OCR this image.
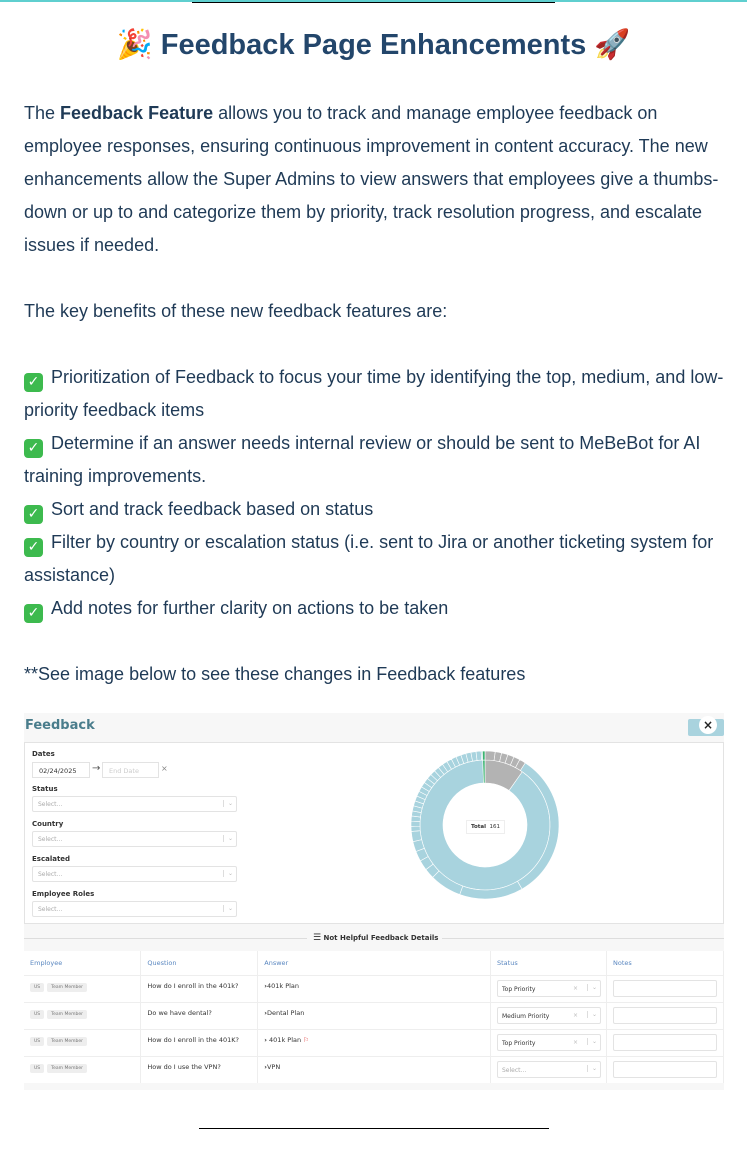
🎉 Feedback Page Enhancements 🚀

The Feedback Feature allows you to track and manage employee feedback on employee responses, ensuring continuous improvement in content accuracy. The new enhancements allow the Super Admins to view answers that employees give a thumbs-down or up to and categorize them by priority, track resolution progress, and escalate issues if needed.

The key benefits of these new feedback features are:

✓ Prioritization of Feedback to focus your time by identifying the top, medium, and low-priority feedback items

✓ Determine if an answer needs internal review or should be sent to MeBeBot for AI training improvements.

✓ Sort and track feedback based on status

✓ Filter by country or escalation status (i.e. sent to Jira or another ticketing system for assistance)

✓ Add notes for further clarity on actions to be taken

**See image below to see these changes in Feedback features

Feedback	×
Dates
02/24/2025	→	End Date	×
Status
Select...	⌄
Country
Select...	⌄
Escalated
Select...	⌄
Employee Roles
Select...	⌄
Total 161
☰ Not Helpful Feedback Details
Employee	Question	Answer	Status	Notes
US Team Member	How do I enroll in the 401k?	›401k Plan	Top Priority × ⌄	

US Team Member	Do we have dental?	›Dental Plan	Medium Priority × ⌄	

US Team Member	How do I enroll in the 401K?	› 401k Plan ⚐	Top Priority × ⌄	

US Team Member	How do I use the VPN?	›VPN	Select... ⌄	
